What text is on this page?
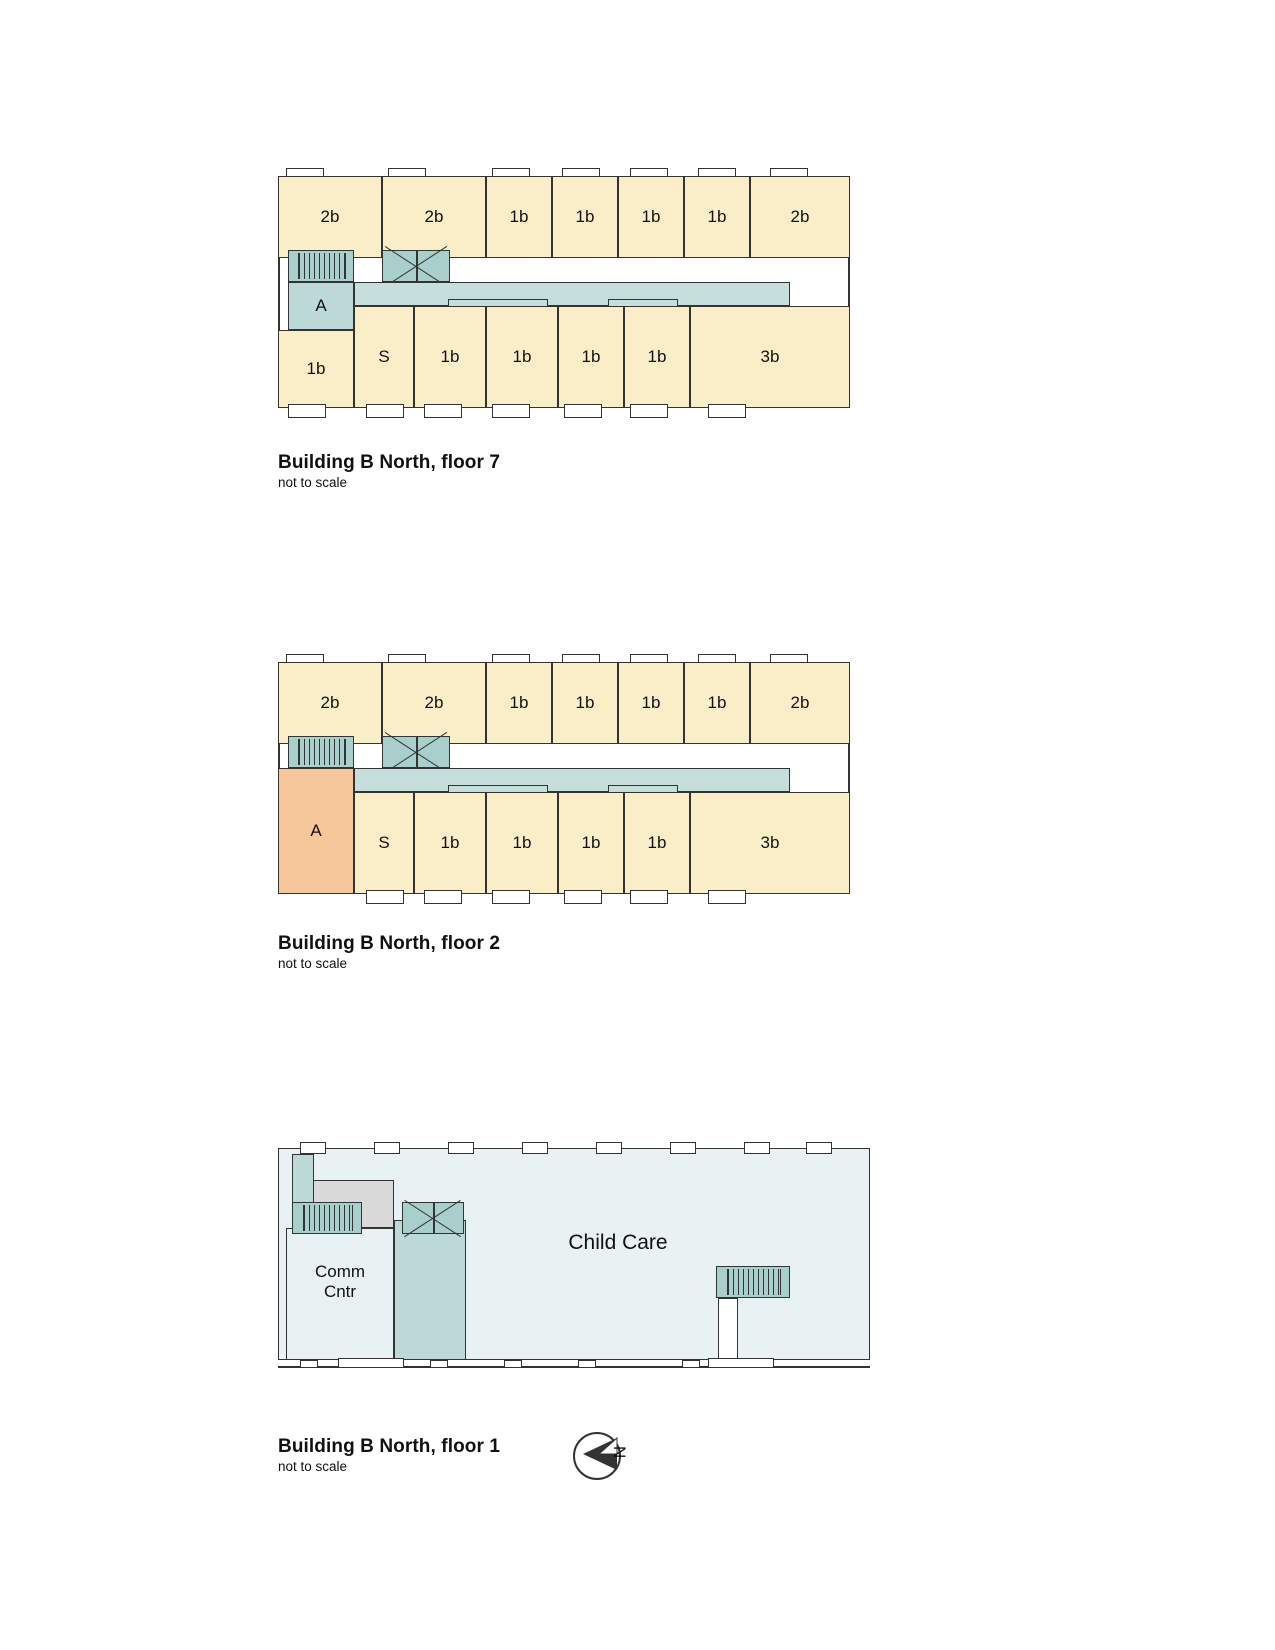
2b	2b	1b	1b	1b	1b	2b
A
1b
S	1b	1b	1b	1b	3b
Building B North, floor 7
not to scale
2b	2b	1b	1b	1b	1b	2b
A
S	1b	1b	1b	1b	3b
Building B North, floor 2
not to scale
Comm
Cntr
Child Care
Building B North, floor 1
not to scale
N
